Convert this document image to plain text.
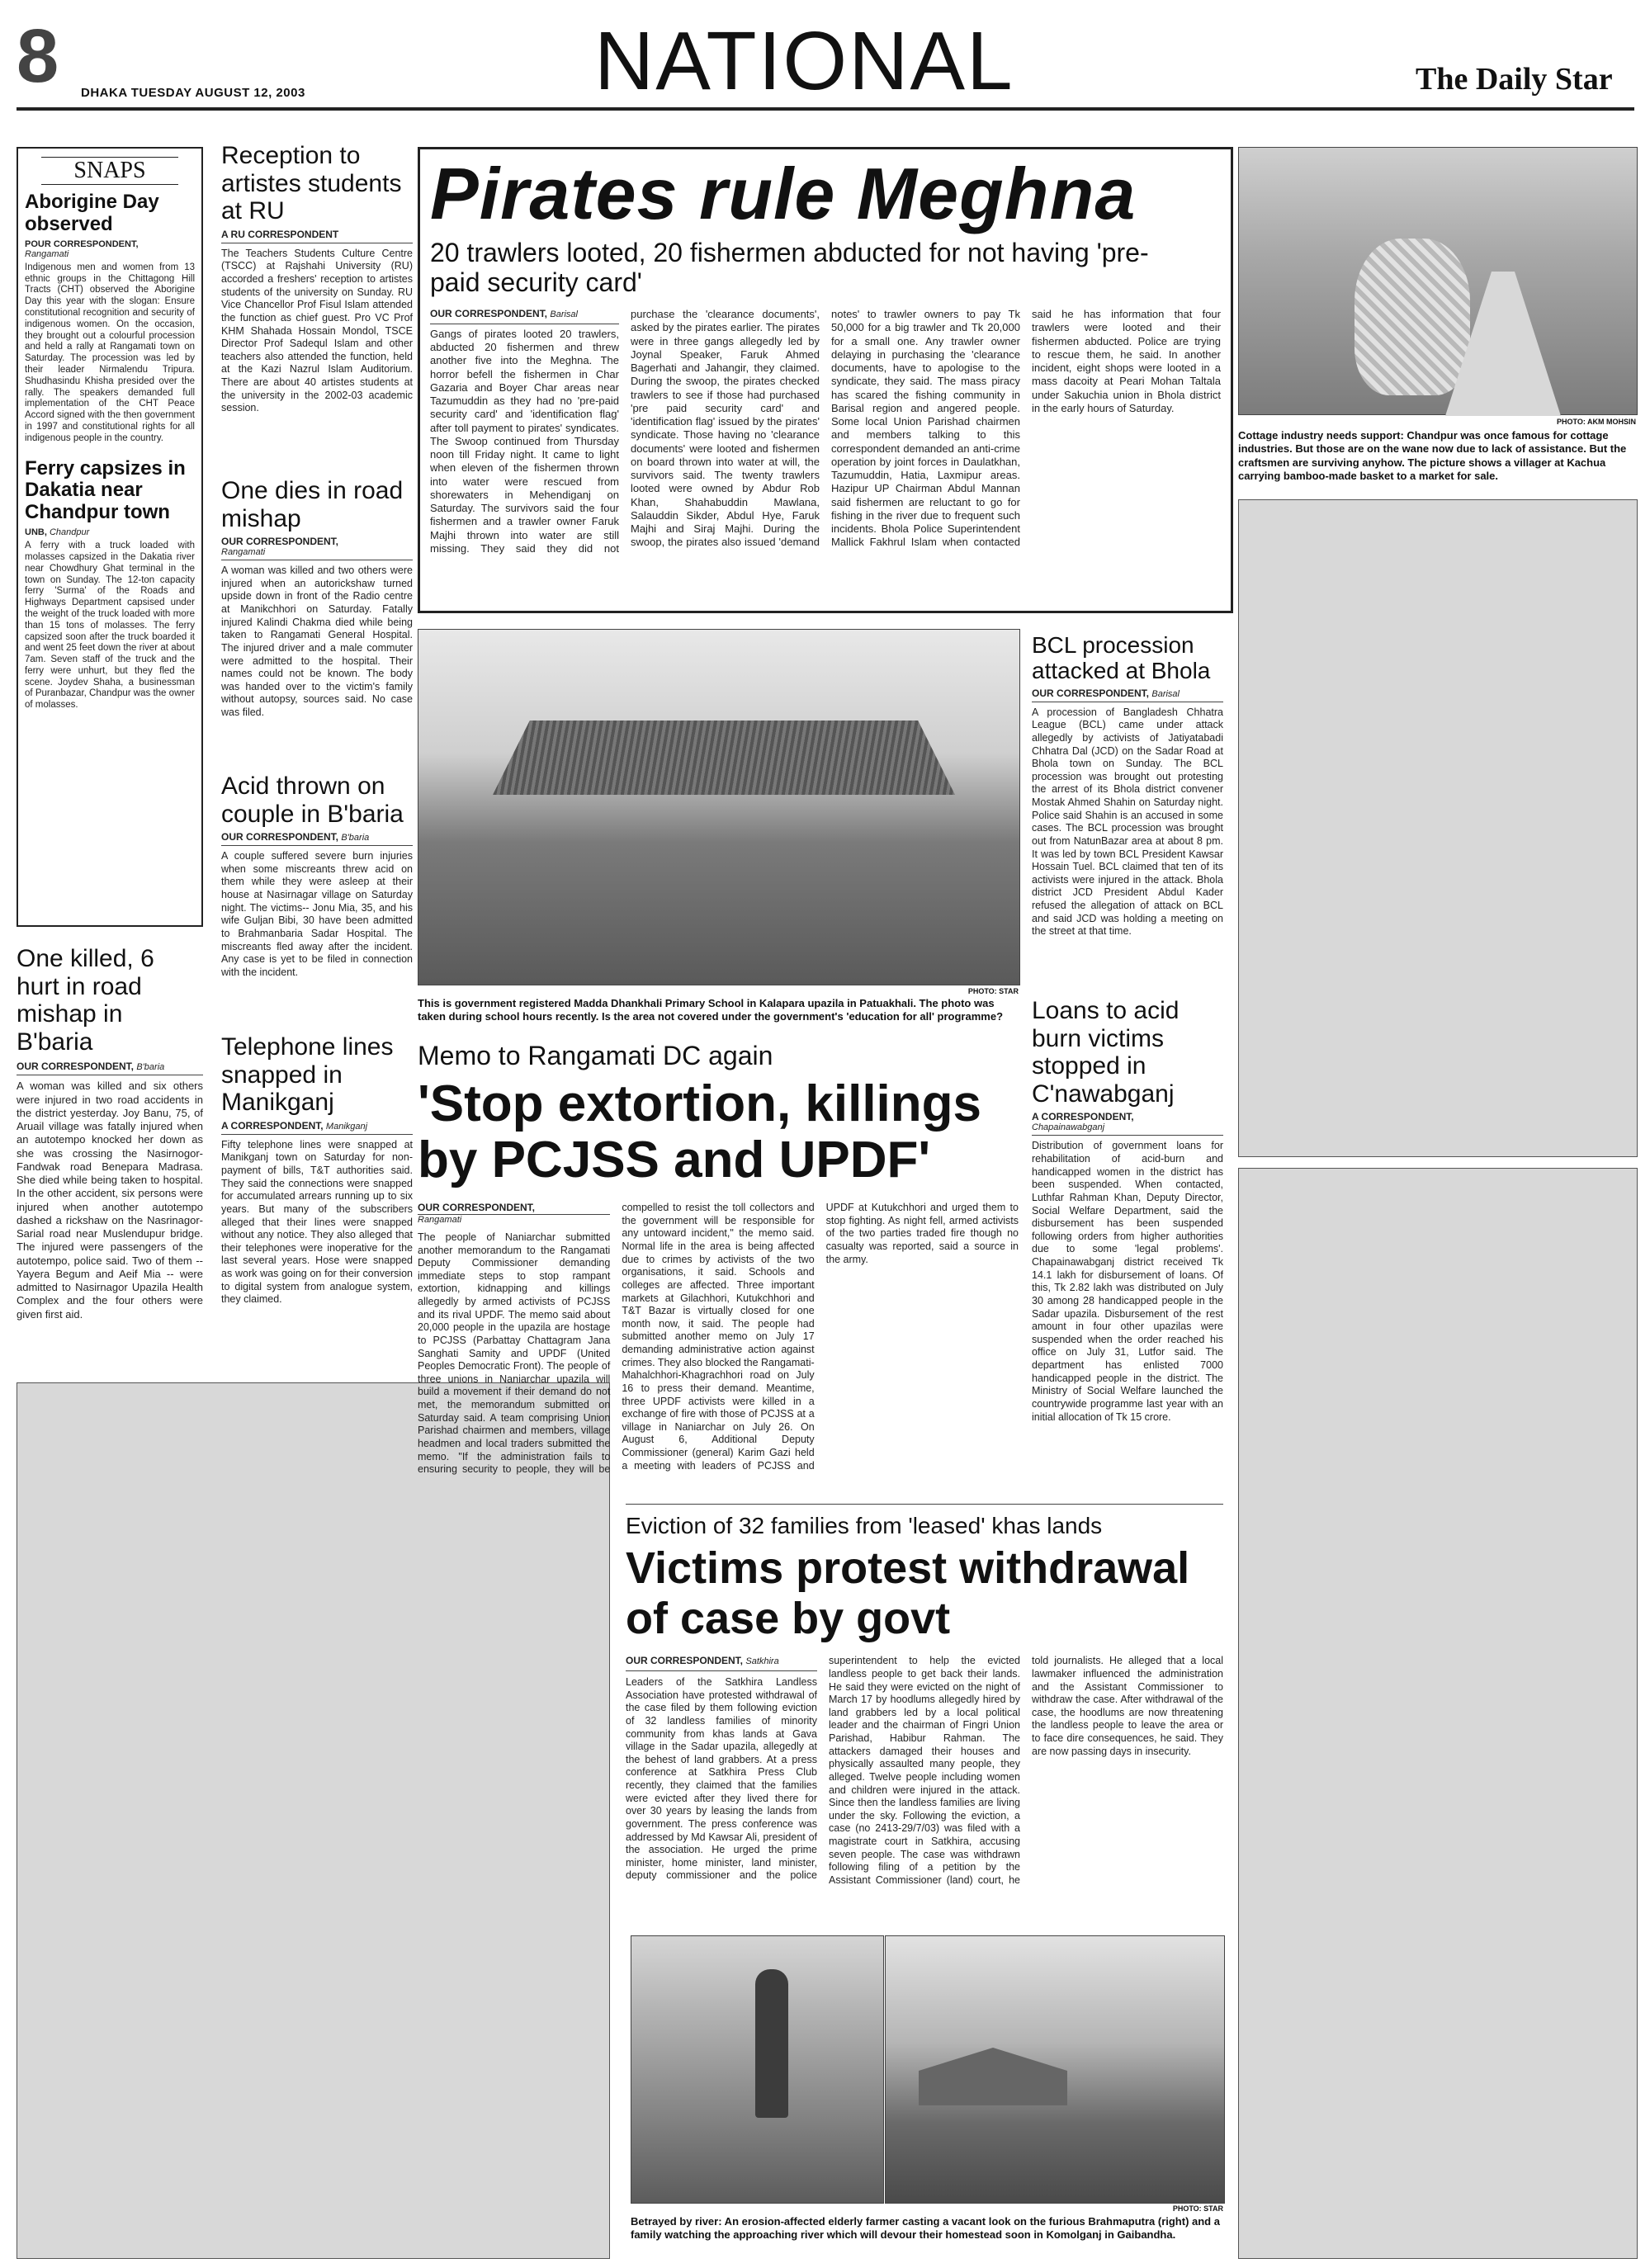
8 DHAKA TUESDAY AUGUST 12, 2003	NATIONAL	The Daily Star
SNAPS
Aborigine Day observed
POUR CORRESPONDENT,
Rangamati
Indigenous men and women from 13 ethnic groups in the Chittagong Hill Tracts (CHT) observed the Aborigine Day this year with the slogan: Ensure constitutional recognition and security of indigenous women. On the occasion, they brought out a colourful procession and held a rally at Rangamati town on Saturday. The procession was led by their leader Nirmalendu Tripura. Shudhasindu Khisha presided over the rally. The speakers demanded full implementation of the CHT Peace Accord signed with the then government in 1997 and constitutional rights for all indigenous people in the country.
Ferry capsizes in Dakatia near Chandpur town
UNB, Chandpur
A ferry with a truck loaded with molasses capsized in the Dakatia river near Chowdhury Ghat terminal in the town on Sunday. The 12-ton capacity ferry 'Surma' of the Roads and Highways Department capsised under the weight of the truck loaded with more than 15 tons of molasses. The ferry capsized soon after the truck boarded it and went 25 feet down the river at about 7am. Seven staff of the truck and the ferry were unhurt, but they fled the scene. Joydev Shaha, a businessman of Puranbazar, Chandpur was the owner of molasses.
One killed, 6 hurt in road mishap in B'baria
OUR CORRESPONDENT, B'baria
A woman was killed and six others were injured in two road accidents in the district yesterday. Joy Banu, 75, of Aruail village was fatally injured when an autotempo knocked her down as she was crossing the Nasirnogor-Fandwak road Benepara Madrasa. She died while being taken to hospital. In the other accident, six persons were injured when another autotempo dashed a rickshaw on the Nasrinagor-Sarial road near Muslendupur bridge. The injured were passengers of the autotempo, police said. Two of them -- Yayera Begum and Aeif Mia -- were admitted to Nasirnagor Upazila Health Complex and the four others were given first aid.
Reception to artistes students at RU
A RU CORRESPONDENT
The Teachers Students Culture Centre (TSCC) at Rajshahi University (RU) accorded a freshers' reception to artistes students of the university on Sunday. RU Vice Chancellor Prof Fisul Islam attended the function as chief guest. Pro VC Prof KHM Shahada Hossain Mondol, TSCE Director Prof Sadequl Islam and other teachers also attended the function, held at the Kazi Nazrul Islam Auditorium. There are about 40 artistes students at the university in the 2002-03 academic session.
One dies in road mishap
OUR CORRESPONDENT,
Rangamati
A woman was killed and two others were injured when an autorickshaw turned upside down in front of the Radio centre at Manikchhori on Saturday. Fatally injured Kalindi Chakma died while being taken to Rangamati General Hospital. The injured driver and a male commuter were admitted to the hospital. Their names could not be known. The body was handed over to the victim's family without autopsy, sources said. No case was filed.
Acid thrown on couple in B'baria
OUR CORRESPONDENT, B'baria
A couple suffered severe burn injuries when some miscreants threw acid on them while they were asleep at their house at Nasirnagar village on Saturday night. The victims-- Jonu Mia, 35, and his wife Guljan Bibi, 30 have been admitted to Brahmanbaria Sadar Hospital. The miscreants fled away after the incident. Any case is yet to be filed in connection with the incident.
Telephone lines snapped in Manikganj
A CORRESPONDENT, Manikganj
Fifty telephone lines were snapped at Manikganj town on Saturday for non-payment of bills, T&T authorities said. They said the connections were snapped for accumulated arrears running up to six years. But many of the subscribers alleged that their lines were snapped without any notice. They also alleged that their telephones were inoperative for the last several years. Hose were snapped as work was going on for their conversion to digital system from analogue system, they claimed.
Pirates rule Meghna
20 trawlers looted, 20 fishermen abducted for not having 'pre-paid security card'
OUR CORRESPONDENT, Barisal
Gangs of pirates looted 20 trawlers, abducted 20 fishermen and threw another five into the Meghna. The horror befell the fishermen in Char Gazaria and Boyer Char areas near Tazumuddin as they had no 'pre-paid security card' and 'identification flag' after toll payment to pirates' syndicates. The Swoop continued from Thursday noon till Friday night. It came to light when eleven of the fishermen thrown into water were rescued from shorewaters in Mehendiganj on Saturday. The survivors said the four fishermen and a trawler owner Faruk Majhi thrown into water are still missing. They said they did not purchase the 'clearance documents', asked by the pirates earlier. The pirates were in three gangs allegedly led by Joynal Speaker, Faruk Ahmed Bagerhati and Jahangir, they claimed. During the swoop, the pirates checked trawlers to see if those had purchased 'pre paid security card' and 'identification flag' issued by the pirates' syndicate. Those having no 'clearance documents' were looted and fishermen on board thrown into water at will, the survivors said. The twenty trawlers looted were owned by Abdur Rob Khan, Shahabuddin Mawlana, Salauddin Sikder, Abdul Hye, Faruk Majhi and Siraj Majhi. During the swoop, the pirates also issued 'demand notes' to trawler owners to pay Tk 50,000 for a big trawler and Tk 20,000 for a small one. Any trawler owner delaying in purchasing the 'clearance documents, have to apologise to the syndicate, they said. The mass piracy has scared the fishing community in Barisal region and angered people. Some local Union Parishad chairmen and members talking to this correspondent demanded an anti-crime operation by joint forces in Daulatkhan, Tazumuddin, Hatia, Laxmipur areas. Hazipur UP Chairman Abdul Mannan said fishermen are reluctant to go for fishing in the river due to frequent such incidents. Bhola Police Superintendent Mallick Fakhrul Islam when contacted said he has information that four trawlers were looted and their fishermen abducted. Police are trying to rescue them, he said. In another incident, eight shops were looted in a mass dacoity at Peari Mohan Taltala under Sakuchia union in Bhola district in the early hours of Saturday.
PHOTO: AKM MOHSIN
Cottage industry needs support: Chandpur was once famous for cottage industries. But those are on the wane now due to lack of assistance. But the craftsmen are surviving anyhow. The picture shows a villager at Kachua carrying bamboo-made basket to a market for sale.
PHOTO: STAR
This is government registered Madda Dhankhali Primary School in Kalapara upazila in Patuakhali. The photo was taken during school hours recently. Is the area not covered under the government's 'education for all' programme?
Memo to Rangamati DC again
'Stop extortion, killings by PCJSS and UPDF'
OUR CORRESPONDENT,
Rangamati
The people of Naniarchar submitted another memorandum to the Rangamati Deputy Commissioner demanding immediate steps to stop rampant extortion, kidnapping and killings allegedly by armed activists of PCJSS and its rival UPDF. The memo said about 20,000 people in the upazila are hostage to PCJSS (Parbattay Chattagram Jana Sanghati Samity and UPDF (United Peoples Democratic Front). The people of three unions in Naniarchar upazila will build a movement if their demand do not met, the memorandum submitted on Saturday said. A team comprising Union Parishad chairmen and members, village headmen and local traders submitted the memo. "If the administration fails to ensuring security to people, they will be compelled to resist the toll collectors and the government will be responsible for any untoward incident," the memo said. Normal life in the area is being affected due to crimes by activists of the two organisations, it said. Schools and colleges are affected. Three important markets at Gilachhori, Kutukchhori and T&T Bazar is virtually closed for one month now, it said. The people had submitted another memo on July 17 demanding administrative action against crimes. They also blocked the Rangamati-Mahalchhori-Khagrachhori road on July 16 to press their demand. Meantime, three UPDF activists were killed in a exchange of fire with those of PCJSS at a village in Naniarchar on July 26. On August 6, Additional Deputy Commissioner (general) Karim Gazi held a meeting with leaders of PCJSS and UPDF at Kutukchhori and urged them to stop fighting. As night fell, armed activists of the two parties traded fire though no casualty was reported, said a source in the army.
BCL procession attacked at Bhola
OUR CORRESPONDENT, Barisal
A procession of Bangladesh Chhatra League (BCL) came under attack allegedly by activists of Jatiyatabadi Chhatra Dal (JCD) on the Sadar Road at Bhola town on Sunday. The BCL procession was brought out protesting the arrest of its Bhola district convener Mostak Ahmed Shahin on Saturday night. Police said Shahin is an accused in some cases. The BCL procession was brought out from NatunBazar area at about 8 pm. It was led by town BCL President Kawsar Hossain Tuel. BCL claimed that ten of its activists were injured in the attack. Bhola district JCD President Abdul Kader refused the allegation of attack on BCL and said JCD was holding a meeting on the street at that time.
Loans to acid burn victims stopped in C'nawabganj
A CORRESPONDENT,
Chapainawabganj
Distribution of government loans for rehabilitation of acid-burn and handicapped women in the district has been suspended. When contacted, Luthfar Rahman Khan, Deputy Director, Social Welfare Department, said the disbursement has been suspended following orders from higher authorities due to some 'legal problems'. Chapainawabganj district received Tk 14.1 lakh for disbursement of loans. Of this, Tk 2.82 lakh was distributed on July 30 among 28 handicapped people in the Sadar upazila. Disbursement of the rest amount in four other upazilas were suspended when the order reached his office on July 31, Lutfor said. The department has enlisted 7000 handicapped people in the district. The Ministry of Social Welfare launched the countrywide programme last year with an initial allocation of Tk 15 crore.
Eviction of 32 families from 'leased' khas lands
Victims protest withdrawal of case by govt
OUR CORRESPONDENT, Satkhira
Leaders of the Satkhira Landless Association have protested withdrawal of the case filed by them following eviction of 32 landless families of minority community from khas lands at Gava village in the Sadar upazila, allegedly at the behest of land grabbers. At a press conference at Satkhira Press Club recently, they claimed that the families were evicted after they lived there for over 30 years by leasing the lands from government. The press conference was addressed by Md Kawsar Ali, president of the association. He urged the prime minister, home minister, land minister, deputy commissioner and the police superintendent to help the evicted landless people to get back their lands. He said they were evicted on the night of March 17 by hoodlums allegedly hired by land grabbers led by a local political leader and the chairman of Fingri Union Parishad, Habibur Rahman. The attackers damaged their houses and physically assaulted many people, they alleged. Twelve people including women and children were injured in the attack. Since then the landless families are living under the sky. Following the eviction, a case (no 2413-29/7/03) was filed with a magistrate court in Satkhira, accusing seven people. The case was withdrawn following filing of a petition by the Assistant Commissioner (land) court, he told journalists. He alleged that a local lawmaker influenced the administration and the Assistant Commissioner to withdraw the case. After withdrawal of the case, the hoodlums are now threatening the landless people to leave the area or to face dire consequences, he said. They are now passing days in insecurity.
PHOTO: STAR
Betrayed by river: An erosion-affected elderly farmer casting a vacant look on the furious Brahmaputra (right) and a family watching the approaching river which will devour their homestead soon in Komolganj in Gaibandha.
